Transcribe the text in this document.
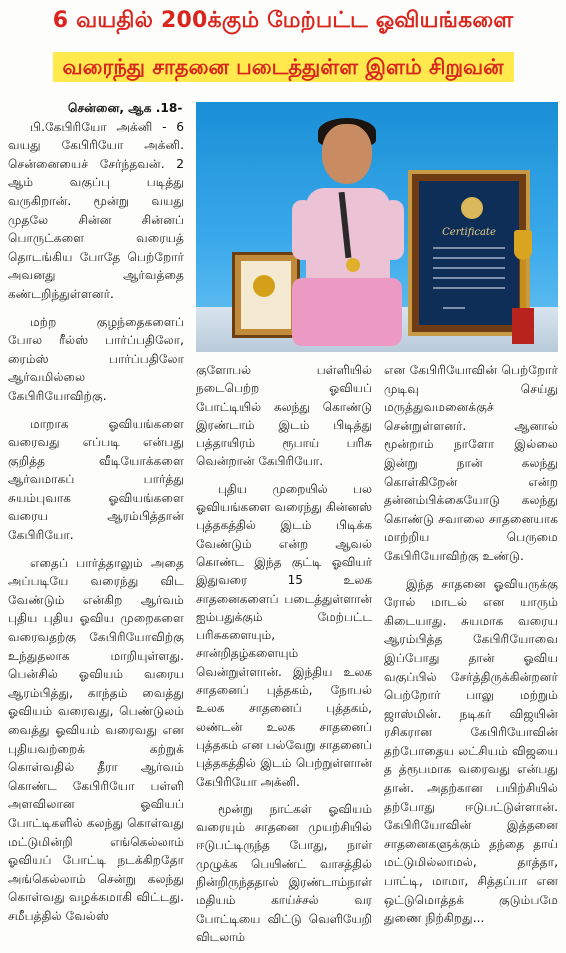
6 வயதில் 200க்கும் மேற்பட்ட ஓவியங்களை
வரைந்து சாதனை படைத்துள்ள இளம் சிறுவன்
Certificate

சென்னை, ஆக .18-

பி.கேபிரியோ அக்னி - 6 வயது கேபிரியோ அக்னி. சென்னையைச் சேர்ந்தவன். 2 ஆம் வகுப்பு படித்து வருகிறான். மூன்று வயது முதலே சின்ன சின்னப் பொருட்களை வரையத் தொடங்கிய போதே பெற்றோர் அவனது ஆர்வத்தை கண்டறிந்துள்ளனர்.

மற்ற குழந்தைகளைப் போல ரீல்ஸ் பார்ப்பதிலோ, ரைம்ஸ் பார்ப்பதிலோ ஆர்வமில்லை கேபிரியோவிற்கு.

மாறாக ஓவியங்களை வரைவது எப்படி என்பது குறித்த வீடியோக்களை ஆர்வமாகப் பார்த்து சுயம்புவாக ஓவியங்களை வரைய ஆரம்பித்தான் கேபிரியோ.

எதைப் பார்த்தாலும் அதை அப்படியே வரைந்து விட வேண்டும் என்கிற ஆர்வம் புதிய புதிய ஓவிய முறைகளை வரைவதற்கு கேபிரியோவிற்கு உந்துதலாக மாறியுள்ளது. பென்சில் ஓவியம் வரைய ஆரம்பித்து, காந்தம் வைத்து ஓவியம் வரைவது, பெண்டுலம் வைத்து ஓவியம் வரைவது என புதியவற்றைக் கற்றுக் கொள்வதில் தீரா ஆர்வம் கொண்ட கேபிரியோ பள்ளி அளவிலான ஓவியப் போட்டிகளில் கலந்து கொள்வது மட்டுமின்றி எங்கெல்லாம் ஓவியப் போட்டி நடக்கிறதோ அங்கெல்லாம் சென்று கலந்து கொள்வது வழக்கமாகி விட்டது. சமீபத்தில் வேல்ஸ்

குளோபல் பள்ளியில் நடைபெற்ற ஓவியப் போட்டியில் கலந்து கொண்டு இரண்டாம் இடம் பிடித்து பத்தாயிரம் ரூபாய் பரிசு வென்றான் கேபிரியோ.

புதிய முறையில் பல ஓவியங்களை வரைந்து கின்னஸ் புத்தகத்தில் இடம் பிடிக்க வேண்டும் என்ற ஆவல் கொண்ட இந்த குட்டி ஓவியர் இதுவரை 15 உலக சாதனைகளைப் படைத்துள்ளான் ஐம்பதுக்கும் மேற்பட்ட பரிசுகளையும், சான்றிதழ்களையும் வென்றுள்ளான். இந்திய உலக சாதனைப் புத்தகம், நோபல் உலக சாதனைப் புத்தகம், லண்டன் உலக சாதனைப் புத்தகம் என பல்வேறு சாதனைப் புத்தகத்தில் இடம் பெற்றுள்ளான் கேபிரியோ அக்னி.

மூன்று நாட்கள் ஓவியம் வரையும் சாதனை முயற்சியில் ஈடுபட்டிருந்த போது, நாள் முழுக்க பெயிண்ட் வாசத்தில் நின்றிருந்ததால் இரண்டாம்நாள் மதியம் காய்ச்சல் வர போட்டியை விட்டு வெளியேறி விடலாம்

என கேபிரியோவின் பெற்றோர் முடிவு செய்து மருத்துவமனைக்குச் சென்றுள்ளனர். ஆனால் மூன்றாம் நாளோ இல்லை இன்று நான் கலந்து கொள்கிறேன் என்ற தன்னம்பிக்கையோடு கலந்து கொண்டு சவாலை சாதனையாக மாற்றிய பெருமை கேபிரியோவிற்கு உண்டு.

இந்த சாதனை ஓவியருக்கு ரோல் மாடல் என யாரும் கிடையாது. சுயமாக வரைய ஆரம்பித்த கேபிரியோவை இப்போது தான் ஓவிய வகுப்பில் சேர்த்திருக்கின்றனர் பெற்றோர் பாலு மற்றும் ஜாஸ்மின். நடிகர் விஜயின் ரசிகரான கேபிரியோவின் தற்போதைய லட்சியம் விஜயை த த்ரூபமாக வரைவது என்பது தான். அதற்கான பயிற்சியில் தற்போது ஈடுபட்டுள்ளான். கேபிரியோவின் இத்தனை சாதனைகளுக்கும் தந்தை தாய் மட்டுமில்லாமல், தாத்தா, பாட்டி, மாமா, சித்தப்பா என ஒட்டுமொத்தக் குடும்பமே துணை நிற்கிறது...
